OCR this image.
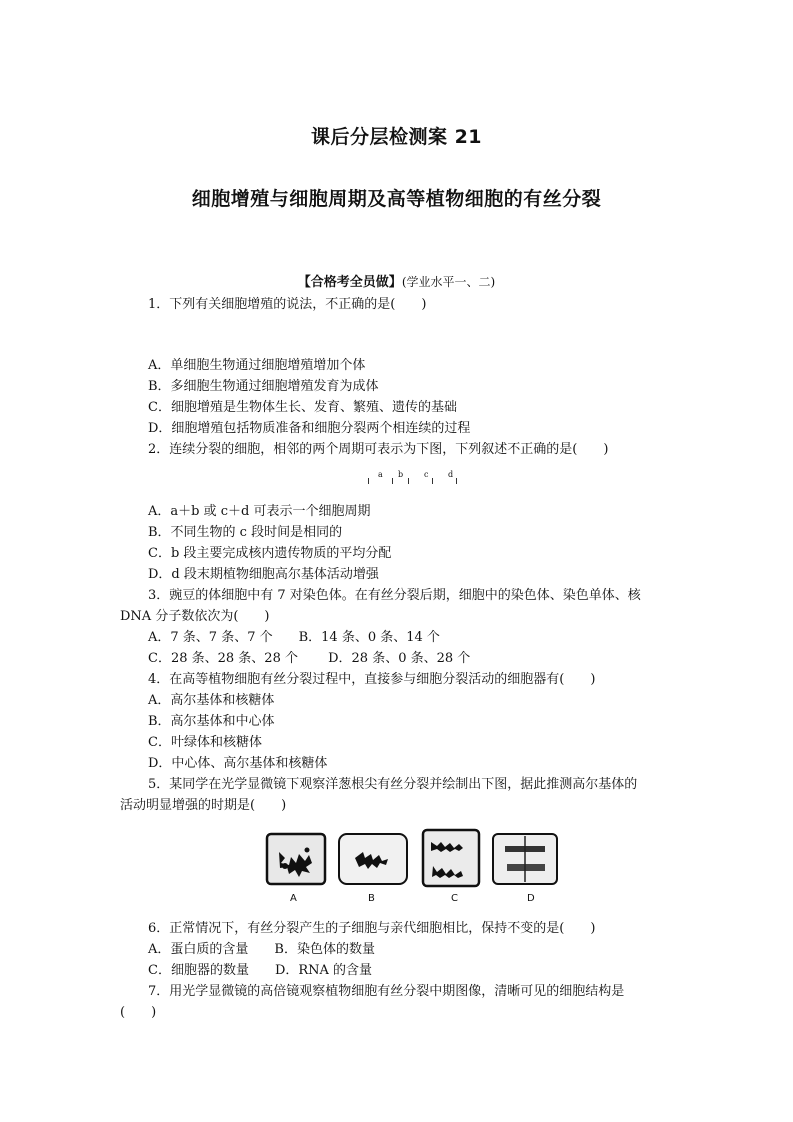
课后分层检测案 21
细胞增殖与细胞周期及高等植物细胞的有丝分裂
【合格考全员做】(学业水平一、二)
1．下列有关细胞增殖的说法，不正确的是(　　)
A．单细胞生物通过细胞增殖增加个体
B．多细胞生物通过细胞增殖发育为成体
C．细胞增殖是生物体生长、发育、繁殖、遗传的基础
D．细胞增殖包括物质准备和细胞分裂两个相连续的过程
2．连续分裂的细胞，相邻的两个周期可表示为下图，下列叙述不正确的是(　　)
a b	c d
A．a＋b 或 c＋d 可表示一个细胞周期
B．不同生物的 c 段时间是相同的
C．b 段主要完成核内遗传物质的平均分配
D．d 段末期植物细胞高尔基体活动增强
3．豌豆的体细胞中有 7 对染色体。在有丝分裂后期，细胞中的染色体、染色单体、核
DNA 分子数依次为(　　)
A．7 条、7 条、7 个　　B．14 条、0 条、14 个
C．28 条、28 条、28 个　　 D．28 条、0 条、28 个
4．在高等植物细胞有丝分裂过程中，直接参与细胞分裂活动的细胞器有(　　)
A．高尔基体和核糖体
B．高尔基体和中心体
C．叶绿体和核糖体
D．中心体、高尔基体和核糖体
5．某同学在光学显微镜下观察洋葱根尖有丝分裂并绘制出下图，据此推测高尔基体的
活动明显增强的时期是(　　)
A	B	C	D
6．正常情况下，有丝分裂产生的子细胞与亲代细胞相比，保持不变的是(　　)
A．蛋白质的含量　　B．染色体的数量
C．细胞器的数量　　D．RNA 的含量
7．用光学显微镜的高倍镜观察植物细胞有丝分裂中期图像，清晰可见的细胞结构是
(　　)
